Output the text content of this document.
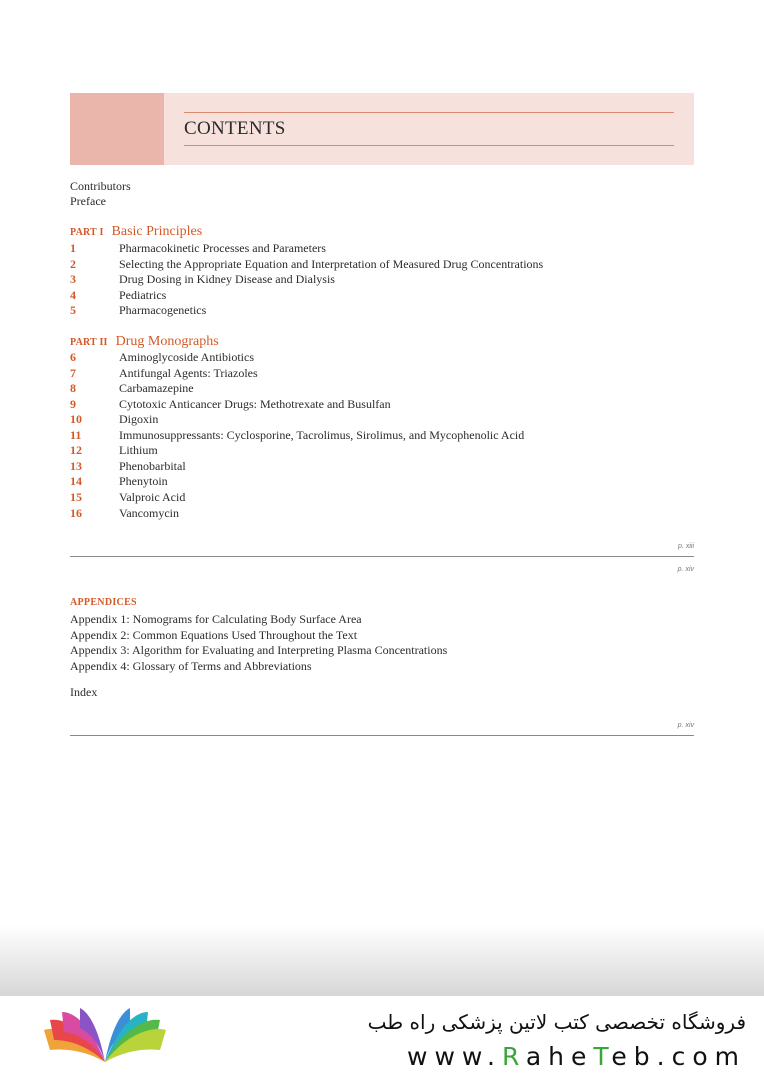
CONTENTS
Contributors
Preface
PART I Basic Principles
1	Pharmacokinetic Processes and Parameters
2	Selecting the Appropriate Equation and Interpretation of Measured Drug Concentrations
3	Drug Dosing in Kidney Disease and Dialysis
4	Pediatrics
5	Pharmacogenetics
PART II Drug Monographs
6	Aminoglycoside Antibiotics
7	Antifungal Agents: Triazoles
8	Carbamazepine
9	Cytotoxic Anticancer Drugs: Methotrexate and Busulfan
10	Digoxin
11	Immunosuppressants: Cyclosporine, Tacrolimus, Sirolimus, and Mycophenolic Acid
12	Lithium
13	Phenobarbital
14	Phenytoin
15	Valproic Acid
16	Vancomycin
p. xiii
p. xiv
APPENDICES
Appendix 1: Nomograms for Calculating Body Surface Area
Appendix 2: Common Equations Used Throughout the Text
Appendix 3: Algorithm for Evaluating and Interpreting Plasma Concentrations
Appendix 4: Glossary of Terms and Abbreviations
Index
p. xiv
فروشگاه تخصصی کتب لاتین پزشکی راه طب
www.RaheTeb.com
